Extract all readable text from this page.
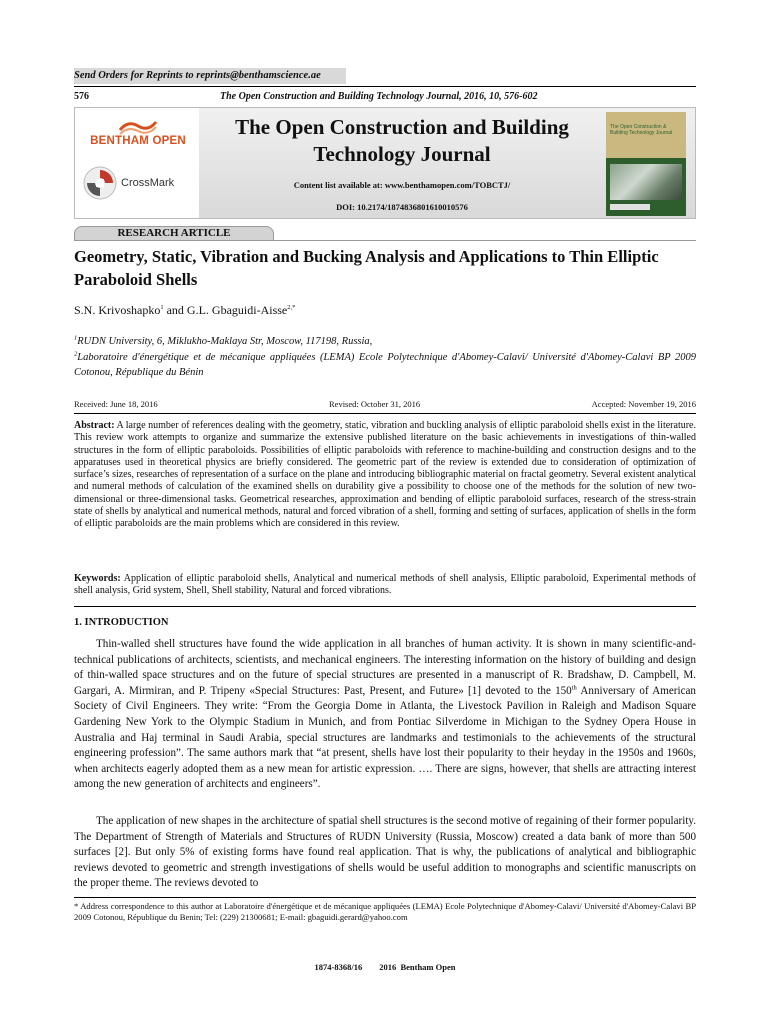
Send Orders for Reprints to reprints@benthamscience.ae
576	The Open Construction and Building Technology Journal, 2016, 10, 576-602
BENTHAM OPEN
CrossMark
The Open Construction and Building
Technology Journal
Content list available at: www.benthamopen.com/TOBCTJ/
DOI: 10.2174/1874836801610010576
The Open Construction & Building Technology Journal
RESEARCH ARTICLE
Geometry, Static, Vibration and Bucking Analysis and Applications to Thin Elliptic Paraboloid Shells
S.N. Krivoshapko$^1$ and G.L. Gbaguidi-Aisse$^{2,*}$
$^1$RUDN University, 6, Miklukho-Maklaya Str, Moscow, 117198, Russia,
$^2$Laboratoire d'énergétique et de mécanique appliquées (LEMA) Ecole Polytechnique d'Abomey-Calavi/ Université d'Abomey-Calavi BP 2009 Cotonou, République du Bénin
Received: June 18, 2016	Revised: October 31, 2016	Accepted: November 19, 2016
Abstract: A large number of references dealing with the geometry, static, vibration and buckling analysis of elliptic paraboloid shells exist in the literature. This review work attempts to organize and summarize the extensive published literature on the basic achievements in investigations of thin-walled structures in the form of elliptic paraboloids. Possibilities of elliptic paraboloids with reference to machine-building and construction designs and to the apparatuses used in theoretical physics are briefly considered. The geometric part of the review is extended due to consideration of optimization of surface’s sizes, researches of representation of a surface on the plane and introducing bibliographic material on fractal geometry. Several existent analytical and numeral methods of calculation of the examined shells on durability give a possibility to choose one of the methods for the solution of new two-dimensional or three-dimensional tasks. Geometrical researches, approximation and bending of elliptic paraboloid surfaces, research of the stress-strain state of shells by analytical and numerical methods, natural and forced vibration of a shell, forming and setting of surfaces, application of shells in the form of elliptic paraboloids are the main problems which are considered in this review.
Keywords: Application of elliptic paraboloid shells, Analytical and numerical methods of shell analysis, Elliptic paraboloid, Experimental methods of shell analysis, Grid system, Shell, Shell stability, Natural and forced vibrations.
1. INTRODUCTION
Thin-walled shell structures have found the wide application in all branches of human activity. It is shown in many scientific-and-technical publications of architects, scientists, and mechanical engineers. The interesting information on the history of building and design of thin-walled space structures and on the future of special structures are presented in a manuscript of R. Bradshaw, D. Campbell, M. Gargari, A. Mirmiran, and P. Tripeny «Special Structures: Past, Present, and Future» [1] devoted to the 150th Anniversary of American Society of Civil Engineers. They write: “From the Georgia Dome in Atlanta, the Livestock Pavilion in Raleigh and Madison Square Gardening New York to the Olympic Stadium in Munich, and from Pontiac Silverdome in Michigan to the Sydney Opera House in Australia and Haj terminal in Saudi Arabia, special structures are landmarks and testimonials to the achievements of the structural engineering profession”. The same authors mark that “at present, shells have lost their popularity to their heyday in the 1950s and 1960s, when architects eagerly adopted them as a new mean for artistic expression. …. There are signs, however, that shells are attracting interest among the new generation of architects and engineers”.
The application of new shapes in the architecture of spatial shell structures is the second motive of regaining of their former popularity. The Department of Strength of Materials and Structures of RUDN University (Russia, Moscow) created a data bank of more than 500 surfaces [2]. But only 5% of existing forms have found real application. That is why, the publications of analytical and bibliographic reviews devoted to geometric and strength investigations of shells would be useful addition to monographs and scientific manuscripts on the proper theme. The reviews devoted to
* Address correspondence to this author at Laboratoire d'énergétique et de mécanique appliquées (LEMA) Ecole Polytechnique d'Abomey-Calavi/ Université d'Abomey-Calavi BP 2009 Cotonou, République du Benin; Tel: (229) 21300681; E-mail: gbaguidi.gerard@yahoo.com
1874-8368/16        2016  Bentham Open
